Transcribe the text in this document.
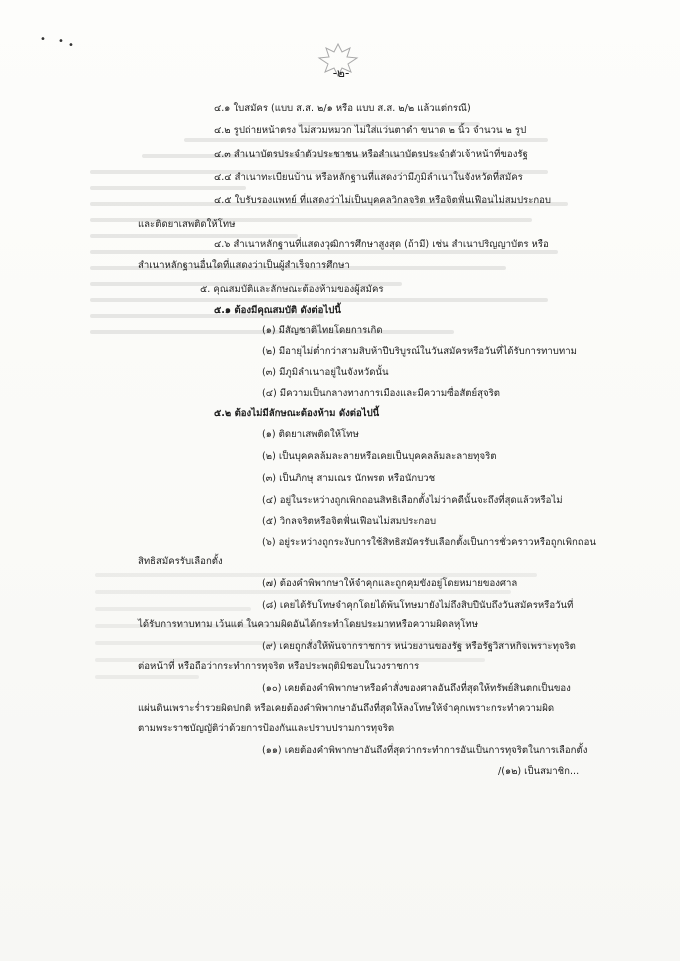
• • •
-๒-
๔.๑ ใบสมัคร (แบบ ส.ส. ๒/๑ หรือ แบบ ส.ส. ๒/๒ แล้วแต่กรณี)
๔.๒ รูปถ่ายหน้าตรง ไม่สวมหมวก ไม่ใส่แว่นตาดำ ขนาด ๒ นิ้ว จำนวน ๒ รูป
๔.๓ สำเนาบัตรประจำตัวประชาชน หรือสำเนาบัตรประจำตัวเจ้าหน้าที่ของรัฐ
๔.๔ สำเนาทะเบียนบ้าน หรือหลักฐานที่แสดงว่ามีภูมิลำเนาในจังหวัดที่สมัคร
๔.๕ ใบรับรองแพทย์ ที่แสดงว่าไม่เป็นบุคคลวิกลจริต หรือจิตฟั่นเฟือนไม่สมประกอบ
และติดยาเสพติดให้โทษ
๔.๖ สำเนาหลักฐานที่แสดงวุฒิการศึกษาสูงสุด (ถ้ามี) เช่น สำเนาปริญญาบัตร หรือ
สำเนาหลักฐานอื่นใดที่แสดงว่าเป็นผู้สำเร็จการศึกษา
๕. คุณสมบัติและลักษณะต้องห้ามของผู้สมัคร
๕.๑ ต้องมีคุณสมบัติ ดังต่อไปนี้
(๑) มีสัญชาติไทยโดยการเกิด
(๒) มีอายุไม่ต่ำกว่าสามสิบห้าปีบริบูรณ์ในวันสมัครหรือวันที่ได้รับการทาบทาม
(๓) มีภูมิลำเนาอยู่ในจังหวัดนั้น
(๔) มีความเป็นกลางทางการเมืองและมีความซื่อสัตย์สุจริต
๕.๒ ต้องไม่มีลักษณะต้องห้าม ดังต่อไปนี้
(๑) ติดยาเสพติดให้โทษ
(๒) เป็นบุคคลล้มละลายหรือเคยเป็นบุคคลล้มละลายทุจริต
(๓) เป็นภิกษุ สามเณร นักพรต หรือนักบวช
(๔) อยู่ในระหว่างถูกเพิกถอนสิทธิเลือกตั้งไม่ว่าคดีนั้นจะถึงที่สุดแล้วหรือไม่
(๕) วิกลจริตหรือจิตฟั่นเฟือนไม่สมประกอบ
(๖) อยู่ระหว่างถูกระงับการใช้สิทธิสมัครรับเลือกตั้งเป็นการชั่วคราวหรือถูกเพิกถอน
สิทธิสมัครรับเลือกตั้ง
(๗) ต้องคำพิพากษาให้จำคุกและถูกคุมขังอยู่โดยหมายของศาล
(๘) เคยได้รับโทษจำคุกโดยได้พ้นโทษมายังไม่ถึงสิบปีนับถึงวันสมัครหรือวันที่
ได้รับการทาบทาม เว้นแต่ ในความผิดอันได้กระทำโดยประมาทหรือความผิดลหุโทษ
(๙) เคยถูกสั่งให้พ้นจากราชการ หน่วยงานของรัฐ หรือรัฐวิสาหกิจเพราะทุจริต
ต่อหน้าที่ หรือถือว่ากระทำการทุจริต หรือประพฤติมิชอบในวงราชการ
(๑๐) เคยต้องคำพิพากษาหรือคำสั่งของศาลอันถึงที่สุดให้ทรัพย์สินตกเป็นของ
แผ่นดินเพราะร่ำรวยผิดปกติ หรือเคยต้องคำพิพากษาอันถึงที่สุดให้ลงโทษให้จำคุกเพราะกระทำความผิด
ตามพระราชบัญญัติว่าด้วยการป้องกันและปราบปรามการทุจริต
(๑๑) เคยต้องคำพิพากษาอันถึงที่สุดว่ากระทำการอันเป็นการทุจริตในการเลือกตั้ง
/(๑๒) เป็นสมาชิก...
